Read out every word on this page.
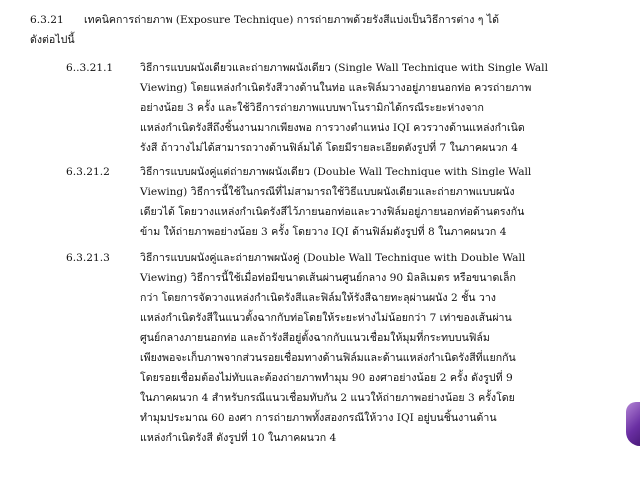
6.3.21 เทคนิคการถ่ายภาพ (Exposure Technique) การถ่ายภาพด้วยรังสีแบ่งเป็นวิธีการต่าง ๆ ได้
ดังต่อไปนี้
6..3.21.1	วิธีการแบบผนังเดียวและถ่ายภาพผนังเดียว (Single Wall Technique with Single Wall
Viewing) โดยแหล่งกำเนิดรังสีวางด้านในท่อ และฟิล์มวางอยู่ภายนอกท่อ ควรถ่ายภาพ
อย่างน้อย 3 ครั้ง และใช้วิธีการถ่ายภาพแบบพาโนรามิกได้กรณีระยะห่างจาก
แหล่งกำเนิดรังสีถึงชิ้นงานมากเพียงพอ การวางตำแหน่ง IQI ควรวางด้านแหล่งกำเนิด
รังสี ถ้าวางไม่ได้สามารถวางด้านฟิล์มได้ โดยมีรายละเอียดดังรูปที่ 7 ในภาคผนวก 4
6.3.21.2	วิธีการแบบผนังคู่แต่ถ่ายภาพผนังเดียว (Double Wall Technique with Single Wall
Viewing) วิธีการนี้ใช้ในกรณีที่ไม่สามารถใช้วิธีแบบผนังเดียวและถ่ายภาพแบบผนัง
เดียวได้ โดยวางแหล่งกำเนิดรังสีไว้ภายนอกท่อและวางฟิล์มอยู่ภายนอกท่อด้านตรงกัน
ข้าม ให้ถ่ายภาพอย่างน้อย 3 ครั้ง โดยวาง IQI ด้านฟิล์มดังรูปที่ 8 ในภาคผนวก 4
6.3.21.3	วิธีการแบบผนังคู่และถ่ายภาพผนังคู่ (Double Wall Technique with Double Wall
Viewing) วิธีการนี้ใช้เมื่อท่อมีขนาดเส้นผ่านศูนย์กลาง 90 มิลลิเมตร หรือขนาดเล็ก
กว่า โดยการจัดวางแหล่งกำเนิดรังสีและฟิล์มให้รังสีฉายทะลุผ่านผนัง 2 ชั้น วาง
แหล่งกำเนิดรังสีในแนวตั้งฉากกับท่อโดยให้ระยะห่างไม่น้อยกว่า 7 เท่าของเส้นผ่าน
ศูนย์กลางภายนอกท่อ และถ้ารังสีอยู่ตั้งฉากกับแนวเชื่อมให้มุมที่กระทบบนฟิล์ม
เพียงพอจะเก็บภาพจากส่วนรอยเชื่อมทางด้านฟิล์มและด้านแหล่งกำเนิดรังสีที่แยกกัน
โดยรอยเชื่อมต้องไม่ทับและต้องถ่ายภาพทำมุม 90 องศาอย่างน้อย 2 ครั้ง ดังรูปที่ 9
ในภาคผนวก 4 สำหรับกรณีแนวเชื่อมทับกัน 2 แนวให้ถ่ายภาพอย่างน้อย 3 ครั้งโดย
ทำมุมประมาณ 60 องศา การถ่ายภาพทั้งสองกรณีให้วาง IQI อยู่บนชิ้นงานด้าน
แหล่งกำเนิดรังสี ดังรูปที่ 10 ในภาคผนวก 4
